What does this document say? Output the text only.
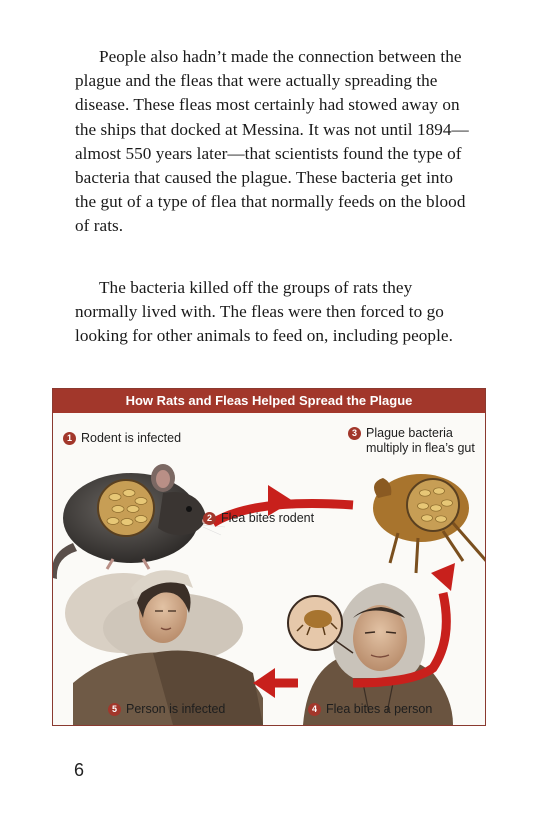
People also hadn’t made the connection between the plague and the fleas that were actually spreading the disease. These fleas most certainly had stowed away on the ships that docked at Messina. It was not until 1894—almost 550 years later—that scientists found the type of bacteria that caused the plague. These bacteria get into the gut of a type of flea that normally feeds on the blood of rats.

The bacteria killed off the groups of rats they normally lived with. The fleas were then forced to go looking for other animals to feed on, including people.

How Rats and Fleas Helped Spread the Plague
1 Rodent is infected
2 Flea bites rodent
3 Plague bacteria
multiply in flea’s gut
4 Flea bites a person
5 Person is infected
6
